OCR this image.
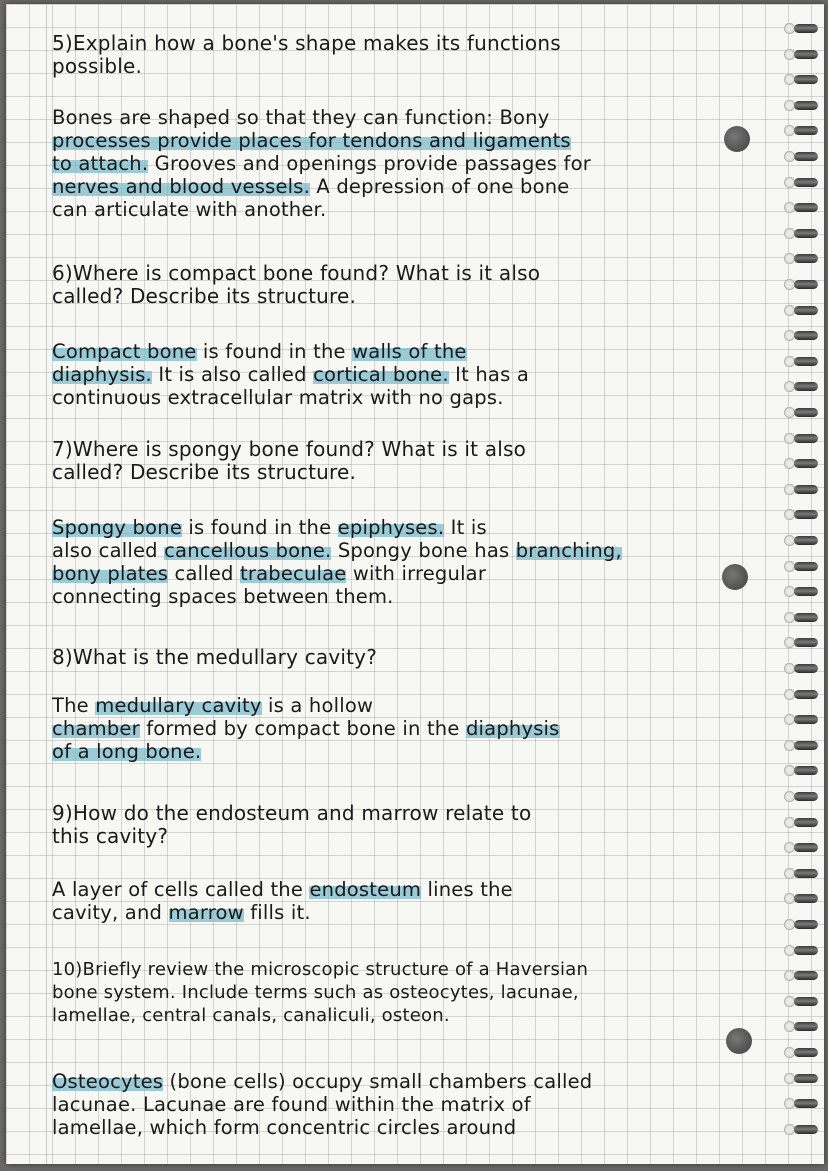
5)Explain how a bone's shape makes its functions
possible.
Bones are shaped so that they can function: Bony
processes provide places for tendons and ligaments
to attach. Grooves and openings provide passages for
nerves and blood vessels. A depression of one bone
can articulate with another.
6)Where is compact bone found? What is it also
called? Describe its structure.
Compact bone is found in the walls of the
diaphysis. It is also called cortical bone. It has a
continuous extracellular matrix with no gaps.
7)Where is spongy bone found? What is it also
called? Describe its structure.
Spongy bone is found in the epiphyses. It is
also called cancellous bone. Spongy bone has branching,
bony plates called trabeculae with irregular
connecting spaces between them.
8)What is the medullary cavity?
The medullary cavity is a hollow
chamber formed by compact bone in the diaphysis
of a long bone.
9)How do the endosteum and marrow relate to
this cavity?
A layer of cells called the endosteum lines the
cavity, and marrow fills it.
10)Briefly review the microscopic structure of a Haversian
bone system. Include terms such as osteocytes, lacunae,
lamellae, central canals, canaliculi, osteon.
Osteocytes (bone cells) occupy small chambers called
lacunae. Lacunae are found within the matrix of
lamellae, which form concentric circles around
